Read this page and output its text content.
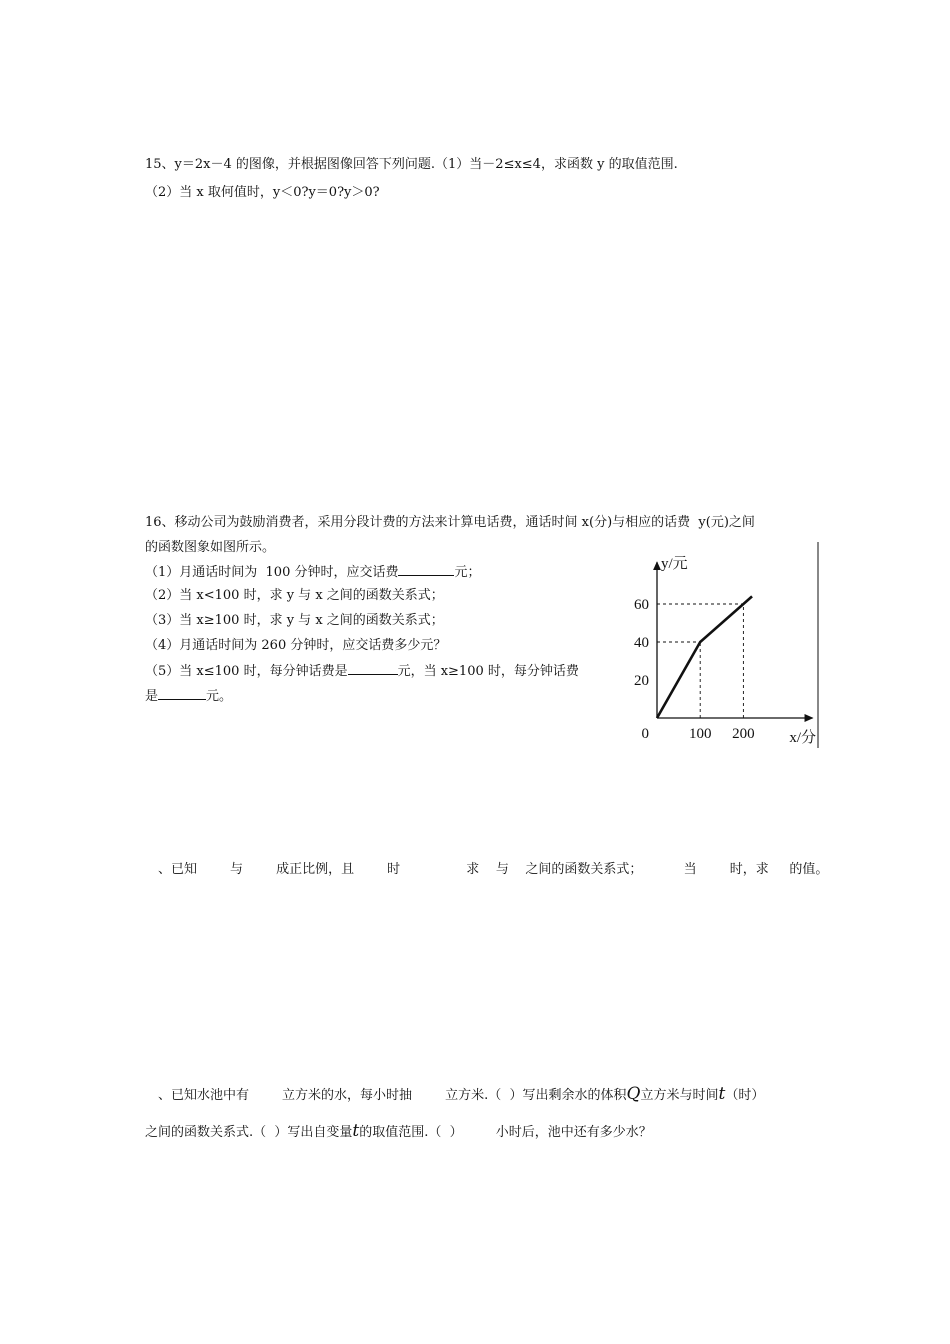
15、y＝2x－4 的图像，并根据图像回答下列问题.（1）当－2≤x≤4，求函数 y 的取值范围.
（2）当 x 取何值时，y＜0?y＝0?y＞0?
16、移动公司为鼓励消费者，采用分段计费的方法来计算电话费，通话时间 x(分)与相应的话费  y(元)之间
的函数图象如图所示。
（1）月通话时间为  100 分钟时，应交话费	元；
（2）当 x<100 时，求 y 与 x 之间的函数关系式；
（3）当 x≥100 时，求 y 与 x 之间的函数关系式；
（4）月通话时间为 260 分钟时，应交话费多少元？
（5）当 x≤100 时，每分钟话费是	元，当 x≥100 时，每分钟话费
是	元。
100 200
20
40
60
0
y/元
x/分
、已知        与        成正比例，且        时                求    与    之间的函数关系式；          当        时，求     的值。
、已知水池中有        立方米的水，每小时抽        立方米.（  ）写出剩余水的体积Q立方米与时间t（时）
之间的函数关系式.（  ）写出自变量t的取值范围.（  ）        小时后，池中还有多少水？
